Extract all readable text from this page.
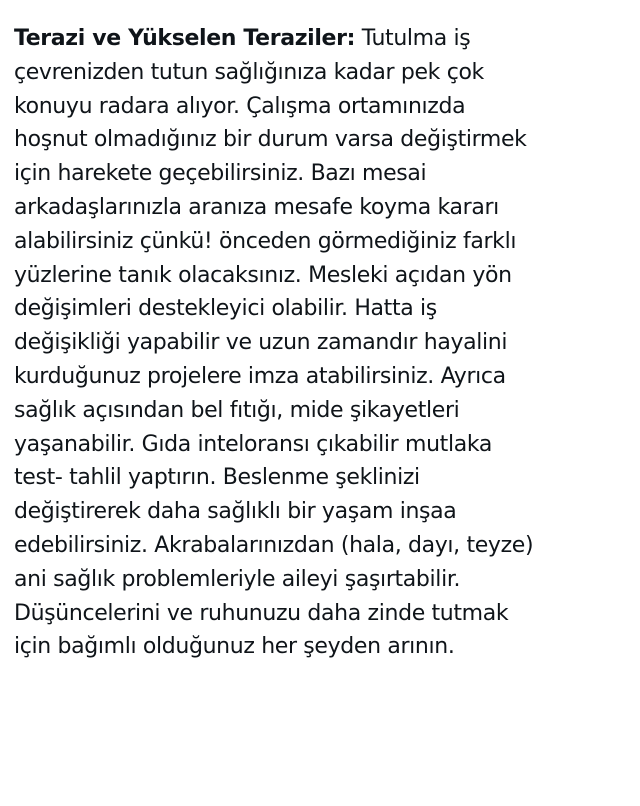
Terazi ve Yükselen Teraziler: Tutulma iş
çevrenizden tutun sağlığınıza kadar pek çok
konuyu radara alıyor. Çalışma ortamınızda
hoşnut olmadığınız bir durum varsa değiştirmek
için harekete geçebilirsiniz. Bazı mesai
arkadaşlarınızla aranıza mesafe koyma kararı
alabilirsiniz çünkü! önceden görmediğiniz farklı
yüzlerine tanık olacaksınız. Mesleki açıdan yön
değişimleri destekleyici olabilir. Hatta iş
değişikliği yapabilir ve uzun zamandır hayalini
kurduğunuz projelere imza atabilirsiniz. Ayrıca
sağlık açısından bel fıtığı, mide şikayetleri
yaşanabilir. Gıda inteloransı çıkabilir mutlaka
test- tahlil yaptırın. Beslenme şeklinizi
değiştirerek daha sağlıklı bir yaşam inşaa
edebilirsiniz. Akrabalarınızdan (hala, dayı, teyze)
ani sağlık problemleriyle aileyi şaşırtabilir.
Düşüncelerini ve ruhunuzu daha zinde tutmak
için bağımlı olduğunuz her şeyden arının.
